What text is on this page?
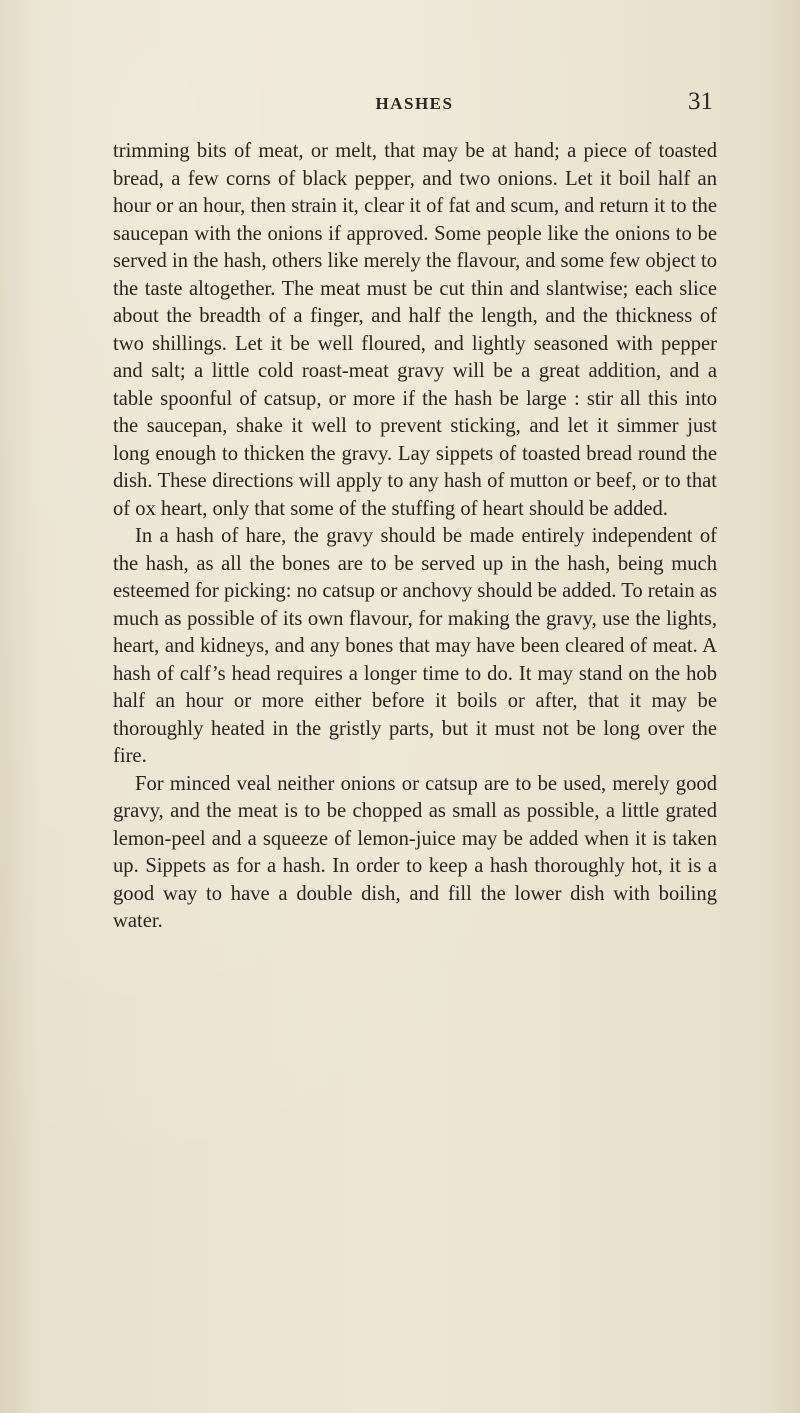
HASHES	31

trimming bits of meat, or melt, that may be at hand; a piece of toasted bread, a few corns of black pepper, and two onions. Let it boil half an hour or an hour, then strain it, clear it of fat and scum, and return it to the saucepan with the onions if approved. Some people like the onions to be served in the hash, others like merely the flavour, and some few object to the taste altogether. The meat must be cut thin and slantwise; each slice about the breadth of a finger, and half the length, and the thickness of two shillings. Let it be well floured, and lightly seasoned with pepper and salt; a little cold roast-meat gravy will be a great addition, and a table spoonful of catsup, or more if the hash be large : stir all this into the saucepan, shake it well to prevent sticking, and let it simmer just long enough to thicken the gravy. Lay sippets of toasted bread round the dish. These directions will apply to any hash of mutton or beef, or to that of ox heart, only that some of the stuffing of heart should be added.

In a hash of hare, the gravy should be made entirely independent of the hash, as all the bones are to be served up in the hash, being much esteemed for picking: no catsup or anchovy should be added. To retain as much as possible of its own flavour, for making the gravy, use the lights, heart, and kidneys, and any bones that may have been cleared of meat. A hash of calf’s head requires a longer time to do. It may stand on the hob half an hour or more either before it boils or after, that it may be thoroughly heated in the gristly parts, but it must not be long over the fire.

For minced veal neither onions or catsup are to be used, merely good gravy, and the meat is to be chopped as small as possible, a little grated lemon-peel and a squeeze of lemon-juice may be added when it is taken up. Sippets as for a hash. In order to keep a hash thoroughly hot, it is a good way to have a double dish, and fill the lower dish with boiling water.
